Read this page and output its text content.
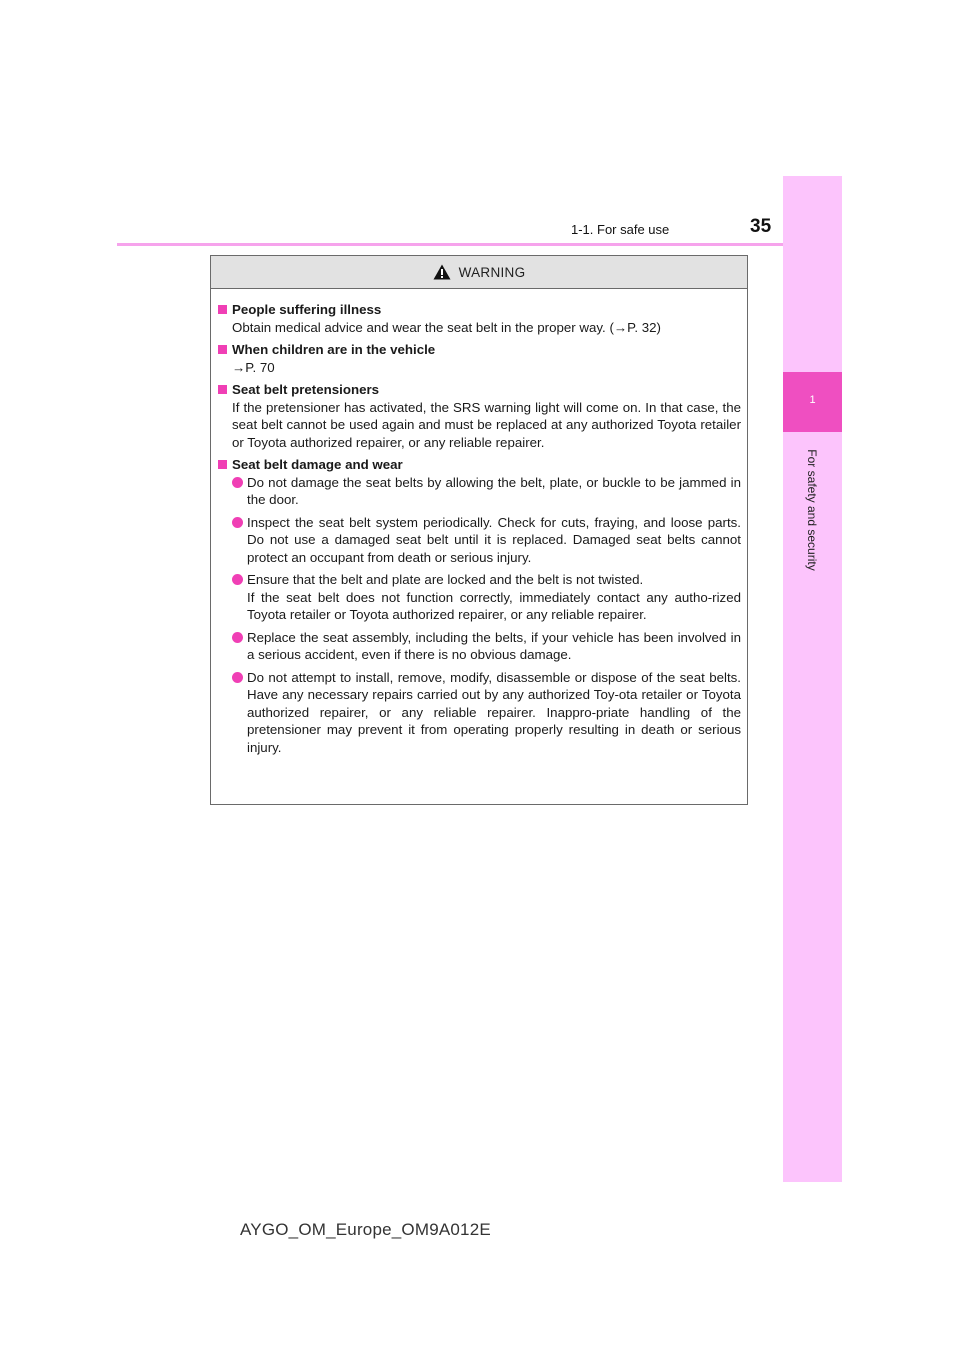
1
For safety and security
1-1. For safe use	35
WARNING
People suffering illness
Obtain medical advice and wear the seat belt in the proper way. (→P. 32)
When children are in the vehicle
→P. 70
Seat belt pretensioners
If the pretensioner has activated, the SRS warning light will come on. In that case, the seat belt cannot be used again and must be replaced at any authorized Toyota retailer or Toyota authorized repairer, or any reliable repairer.
Seat belt damage and wear
Do not damage the seat belts by allowing the belt, plate, or buckle to be jammed in the door.
Inspect the seat belt system periodically. Check for cuts, fraying, and loose parts. Do not use a damaged seat belt until it is replaced. Damaged seat belts cannot protect an occupant from death or serious injury.
Ensure that the belt and plate are locked and the belt is not twisted.
If the seat belt does not function correctly, immediately contact any autho-rized Toyota retailer or Toyota authorized repairer, or any reliable repairer.
Replace the seat assembly, including the belts, if your vehicle has been involved in a serious accident, even if there is no obvious damage.
Do not attempt to install, remove, modify, disassemble or dispose of the seat belts. Have any necessary repairs carried out by any authorized Toy-ota retailer or Toyota authorized repairer, or any reliable repairer. Inappro-priate handling of the pretensioner may prevent it from operating properly resulting in death or serious injury.
AYGO_OM_Europe_OM9A012E
